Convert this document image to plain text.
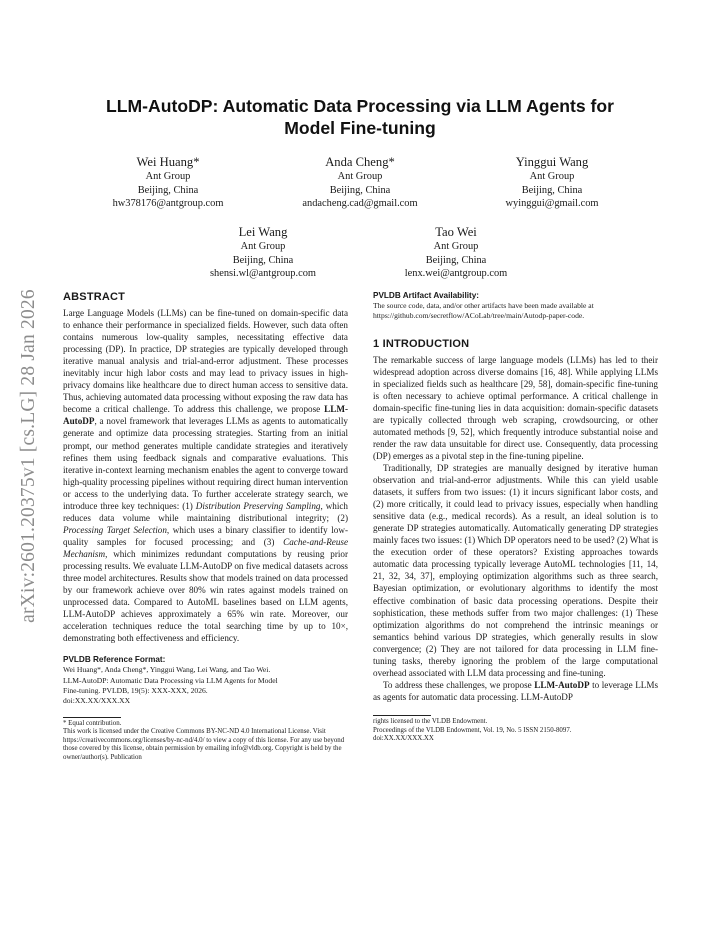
arXiv:2601.20375v1 [cs.LG] 28 Jan 2026
LLM-AutoDP: Automatic Data Processing via LLM Agents for
Model Fine-tuning
Wei Huang*
Ant Group
Beijing, China
hw378176@antgroup.com
Anda Cheng*
Ant Group
Beijing, China
andacheng.cad@gmail.com
Yinggui Wang
Ant Group
Beijing, China
wyinggui@gmail.com
Lei Wang
Ant Group
Beijing, China
shensi.wl@antgroup.com
Tao Wei
Ant Group
Beijing, China
lenx.wei@antgroup.com
ABSTRACT

Large Language Models (LLMs) can be fine-tuned on domain-specific data to enhance their performance in specialized fields. However, such data often contains numerous low-quality samples, necessitating effective data processing (DP). In practice, DP strategies are typically developed through iterative manual analysis and trial-and-error adjustment. These processes inevitably incur high labor costs and may lead to privacy issues in high-privacy domains like healthcare due to direct human access to sensitive data. Thus, achieving automated data processing without exposing the raw data has become a critical challenge. To address this challenge, we propose LLM-AutoDP, a novel framework that leverages LLMs as agents to automatically generate and optimize data processing strategies. Starting from an initial prompt, our method generates multiple candidate strategies and iteratively refines them using feedback signals and comparative evaluations. This iterative in-context learning mechanism enables the agent to converge toward high-quality processing pipelines without requiring direct human intervention or access to the underlying data. To further accelerate strategy search, we introduce three key techniques: (1) Distribution Preserving Sampling, which reduces data volume while maintaining distributional integrity; (2) Processing Target Selection, which uses a binary classifier to identify low-quality samples for focused processing; and (3) Cache-and-Reuse Mechanism, which minimizes redundant computations by reusing prior processing results. We evaluate LLM-AutoDP on five medical datasets across three model architectures. Results show that models trained on data processed by our framework achieve over 80% win rates against models trained on unprocessed data. Compared to AutoML baselines based on LLM agents, LLM-AutoDP achieves approximately a 65% win rate. Moreover, our acceleration techniques reduce the total searching time by up to 10×, demonstrating both effectiveness and efficiency.

PVLDB Reference Format:
Wei Huang*, Anda Cheng*, Yinggui Wang, Lei Wang, and Tao Wei.
LLM-AutoDP: Automatic Data Processing via LLM Agents for Model
Fine-tuning. PVLDB, 19(5): XXX-XXX, 2026.
doi:XX.XX/XXX.XX
* Equal contribution.
This work is licensed under the Creative Commons BY-NC-ND 4.0 International License. Visit https://creativecommons.org/licenses/by-nc-nd/4.0/ to view a copy of this license. For any use beyond those covered by this license, obtain permission by emailing info@vldb.org. Copyright is held by the owner/author(s). Publication
PVLDB Artifact Availability:
The source code, data, and/or other artifacts have been made available at https://github.com/secretflow/ACoLab/tree/main/Autodp-paper-code.
1 INTRODUCTION

The remarkable success of large language models (LLMs) has led to their widespread adoption across diverse domains [16, 48]. While applying LLMs in specialized fields such as healthcare [29, 58], domain-specific fine-tuning is often necessary to achieve optimal performance. A critical challenge in domain-specific fine-tuning lies in data acquisition: domain-specific datasets are typically collected through web scraping, crowdsourcing, or other automated methods [9, 52], which frequently introduce substantial noise and render the raw data unsuitable for direct use. Consequently, data processing (DP) emerges as a pivotal step in the fine-tuning pipeline.

Traditionally, DP strategies are manually designed by iterative human observation and trial-and-error adjustments. While this can yield usable datasets, it suffers from two issues: (1) it incurs significant labor costs, and (2) more critically, it could lead to privacy issues, especially when handling sensitive data (e.g., medical records). As a result, an ideal solution is to generate DP strategies automatically. Automatically generating DP strategies mainly faces two issues: (1) Which DP operators need to be used? (2) What is the execution order of these operators? Existing approaches towards automatic data processing typically leverage AutoML technologies [11, 14, 21, 32, 34, 37], employing optimization algorithms such as three search, Bayesian optimization, or evolutionary algorithms to identify the most effective combination of basic data processing operations. Despite their sophistication, these methods suffer from two major challenges: (1) These optimization algorithms do not comprehend the intrinsic meanings or semantics behind various DP strategies, which generally results in slow convergence; (2) They are not tailored for data processing in LLM fine-tuning tasks, thereby ignoring the problem of the large computational overhead associated with LLM data processing and fine-tuning.

To address these challenges, we propose LLM-AutoDP to leverage LLMs as agents for automatic data processing. LLM-AutoDP

rights licensed to the VLDB Endowment.
Proceedings of the VLDB Endowment, Vol. 19, No. 5 ISSN 2150-8097.
doi:XX.XX/XXX.XX
